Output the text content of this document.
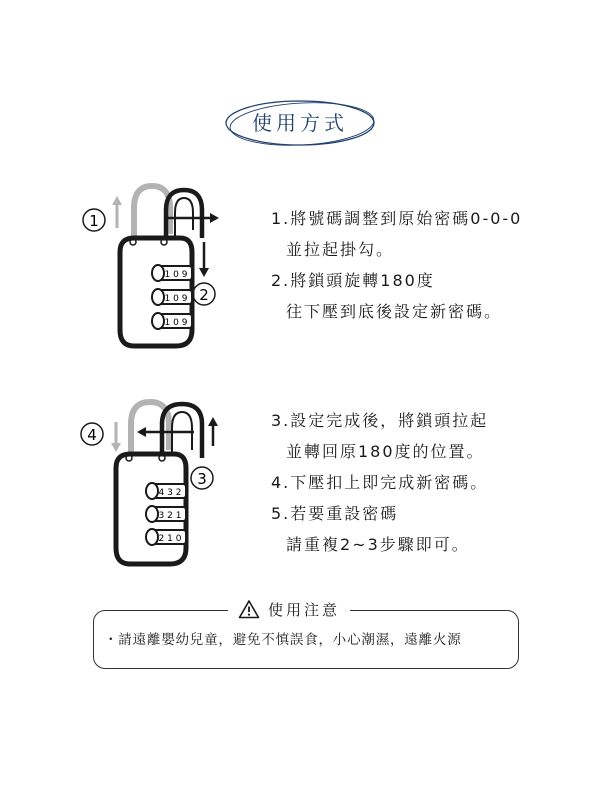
使用方式
1 0 9
1 0 9
1 0 9
1
2
1.將號碼調整到原始密碼0-0-0
並拉起掛勾。
2.將鎖頭旋轉180度
往下壓到底後設定新密碼。
4 3 2
3 2 1
2 1 0
4
3
3.設定完成後，將鎖頭拉起
並轉回原180度的位置。
4.下壓扣上即完成新密碼。
5.若要重設密碼
請重複2~3步驟即可。
使用注意
・請遠離嬰幼兒童，避免不慎誤食，小心潮濕，遠離火源
